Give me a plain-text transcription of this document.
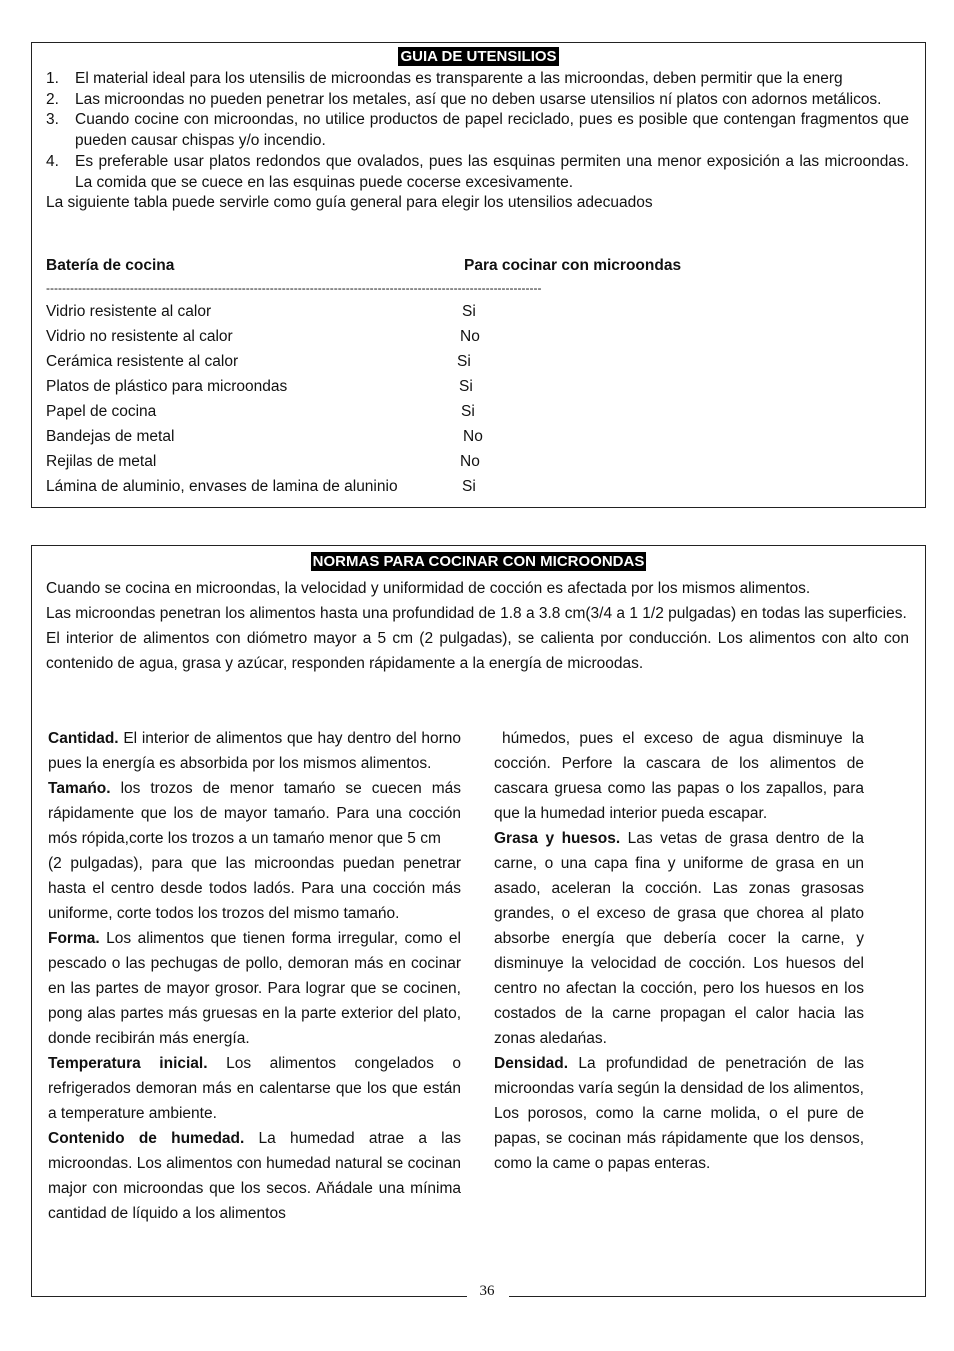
GUIA DE UTENSILIOS
1. El material ideal para los utensilis de microondas es transparente a las microondas, deben permitir que la energ
2. Las microondas no pueden penetrar los metales, así que no deben usarse utensilios ní platos con adornos metálicos.
3. Cuando cocine con microondas, no utilice productos de papel reciclado, pues es posible que contengan fragmentos que pueden causar chispas y/o incendio.
4. Es preferable usar platos redondos que ovalados, pues las esquinas permiten una menor exposición a las microondas. La comida que se cuece en las esquinas puede cocerse excesivamente.
La siguiente tabla puede servirle como guía general para elegir los utensilios adecuados
Batería de cocina	Para cocinar con microondas
----------------------------------------------------------------------------------------------------------------------------
Vidrio resistente al calor	Si
Vidrio no resistente al calor	No
Cerámica resistente al calor	Si
Platos de plástico para microondas	Si
Papel de cocina	Si
Bandejas de metal	No
Rejilas de metal	No
Lámina de aluminio, envases de lamina de aluninio	Si
NORMAS PARA COCINAR CON MICROONDAS
Cuando se cocina en microondas, la velocidad y uniformidad de cocción es afectada por los mismos alimentos.
Las microondas penetran los alimentos hasta una profundidad de 1.8 a 3.8 cm(3/4 a 1 1/2 pulgadas) en todas las superficies.
El interior de alimentos con diómetro mayor a 5 cm (2 pulgadas), se calienta por conducción. Los alimentos con alto con contenido de agua, grasa y azúcar, responden rápidamente a la energía de microodas.
Cantidad. El interior de alimentos que hay dentro del horno pues la energía es absorbida por los mismos alimentos.
Tamańo. los trozos de menor tamańo se cuecen más rápidamente que los de mayor tamańo. Para una cocción mós rópida,corte los trozos a un tamańo menor que 5 cm
(2 pulgadas), para que las microondas puedan penetrar hasta el centro desde todos ladós. Para una cocción más uniforme, corte todos los trozos del mismo tamańo.
Forma. Los alimentos que tienen forma irregular, como el pescado o las pechugas de pollo, demoran más en cocinar en las partes de mayor grosor. Para lograr que se cocinen, pong alas partes más gruesas en la parte exterior del plato, donde recibirán más energía.
Temperatura inicial. Los alimentos congelados o refrigerados demoran más en calentarse que los que están a temperature ambiente.
Contenido de humedad. La humedad atrae a las microondas. Los alimentos con humedad natural se cocinan major con microondas que los secos. Aňádale una mínima cantidad de líquido a los alimentos
húmedos, pues el exceso de agua disminuye la cocción. Perfore la cascara de los alimentos de cascara gruesa como las papas o los zapallos, para que la humedad interior pueda escapar.
Grasa y huesos. Las vetas de grasa dentro de la carne, o una capa fina y uniforme de grasa en un asado, aceleran la cocción. Las zonas grasosas grandes, o el exceso de grasa que chorea al plato absorbe energía que debería cocer la carne, y disminuye la velocidad de cocción. Los huesos del centro no afectan la cocción, pero los huesos en los costados de la carne propagan el calor hacia las zonas aledańas.
Densidad. La profundidad de penetración de las microondas varía según la densidad de los alimentos, Los porosos, como la carne molida, o el pure de papas, se cocinan más rápidamente que los densos, como la came o papas enteras.
36
